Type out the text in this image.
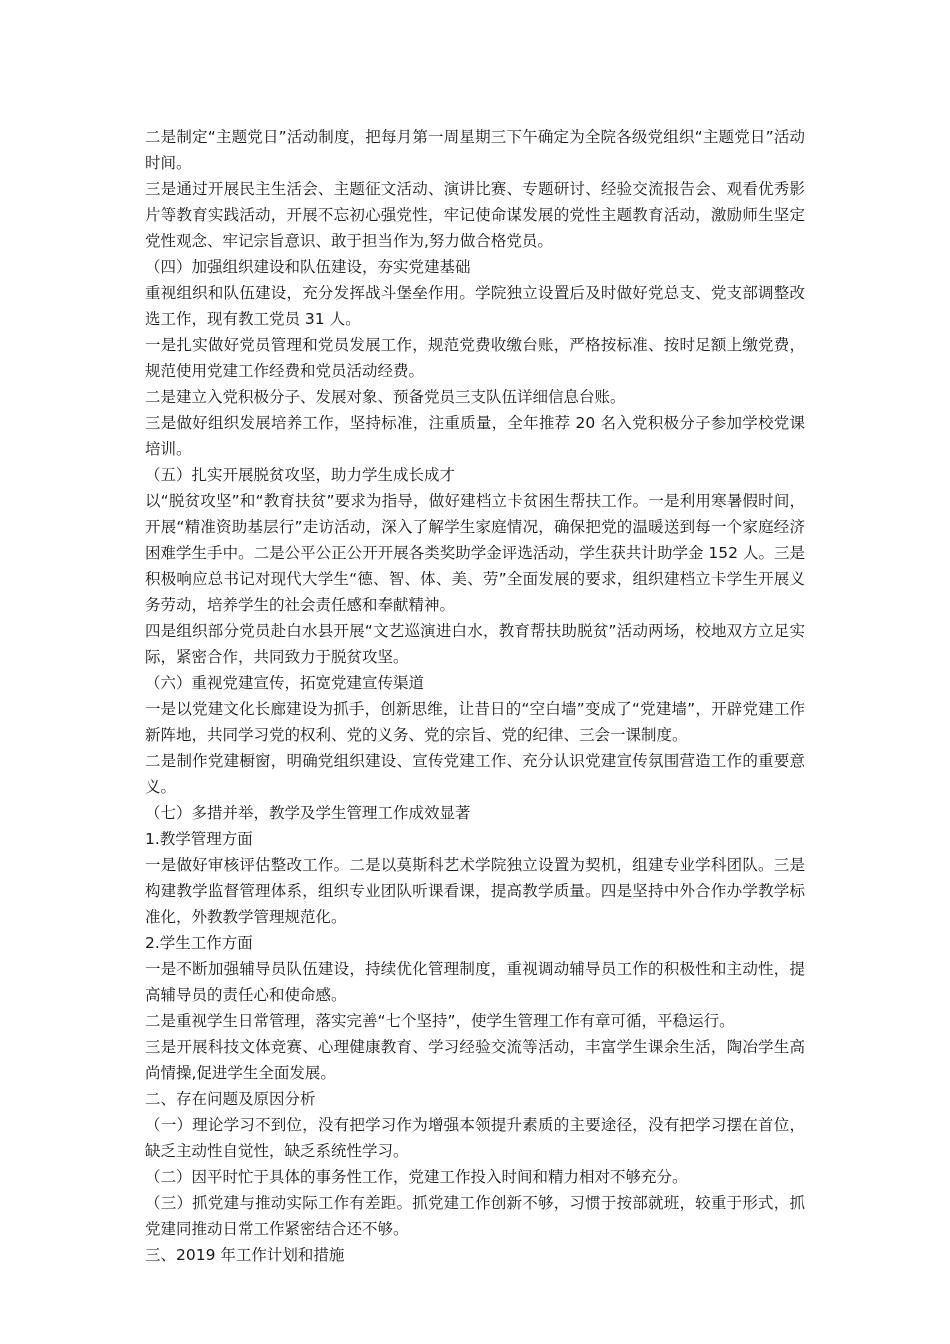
二是制定“主题党日”活动制度，把每月第一周星期三下午确定为全院各级党组织“主题党日”活动时间。

三是通过开展民主生活会、主题征文活动、演讲比赛、专题研讨、经验交流报告会、观看优秀影片等教育实践活动，开展不忘初心强党性，牢记使命谋发展的党性主题教育活动，激励师生坚定党性观念、牢记宗旨意识、敢于担当作为,努力做合格党员。

（四）加强组织建设和队伍建设，夯实党建基础

重视组织和队伍建设，充分发挥战斗堡垒作用。学院独立设置后及时做好党总支、党支部调整改选工作，现有教工党员 31 人。

一是扎实做好党员管理和党员发展工作，规范党费收缴台账，严格按标准、按时足额上缴党费，规范使用党建工作经费和党员活动经费。

二是建立入党积极分子、发展对象、预备党员三支队伍详细信息台账。

三是做好组织发展培养工作，坚持标准，注重质量，全年推荐 20 名入党积极分子参加学校党课培训。

（五）扎实开展脱贫攻坚，助力学生成长成才

以“脱贫攻坚”和“教育扶贫”要求为指导，做好建档立卡贫困生帮扶工作。一是利用寒暑假时间，开展“精准资助基层行”走访活动，深入了解学生家庭情况，确保把党的温暖送到每一个家庭经济困难学生手中。二是公平公正公开开展各类奖助学金评选活动，学生获共计助学金 152 人。三是积极响应总书记对现代大学生“德、智、体、美、劳”全面发展的要求，组织建档立卡学生开展义务劳动，培养学生的社会责任感和奉献精神。

四是组织部分党员赴白水县开展“文艺巡演进白水，教育帮扶助脱贫”活动两场，校地双方立足实际，紧密合作，共同致力于脱贫攻坚。

（六）重视党建宣传，拓宽党建宣传渠道

一是以党建文化长廊建设为抓手，创新思维，让昔日的“空白墙”变成了“党建墙”，开辟党建工作新阵地，共同学习党的权利、党的义务、党的宗旨、党的纪律、三会一课制度。

二是制作党建橱窗，明确党组织建设、宣传党建工作、充分认识党建宣传氛围营造工作的重要意义。

（七）多措并举，教学及学生管理工作成效显著

1.教学管理方面

一是做好审核评估整改工作。二是以莫斯科艺术学院独立设置为契机，组建专业学科团队。三是构建教学监督管理体系，组织专业团队听课看课，提高教学质量。四是坚持中外合作办学教学标准化，外教教学管理规范化。

2.学生工作方面

一是不断加强辅导员队伍建设，持续优化管理制度，重视调动辅导员工作的积极性和主动性，提高辅导员的责任心和使命感。

二是重视学生日常管理，落实完善“七个坚持”，使学生管理工作有章可循，平稳运行。

三是开展科技文体竞赛、心理健康教育、学习经验交流等活动，丰富学生课余生活，陶冶学生高尚情操,促进学生全面发展。

二、存在问题及原因分析

（一）理论学习不到位，没有把学习作为增强本领提升素质的主要途径，没有把学习摆在首位，缺乏主动性自觉性，缺乏系统性学习。

（二）因平时忙于具体的事务性工作，党建工作投入时间和精力相对不够充分。

（三）抓党建与推动实际工作有差距。抓党建工作创新不够，习惯于按部就班，较重于形式，抓党建同推动日常工作紧密结合还不够。

三、2019 年工作计划和措施
